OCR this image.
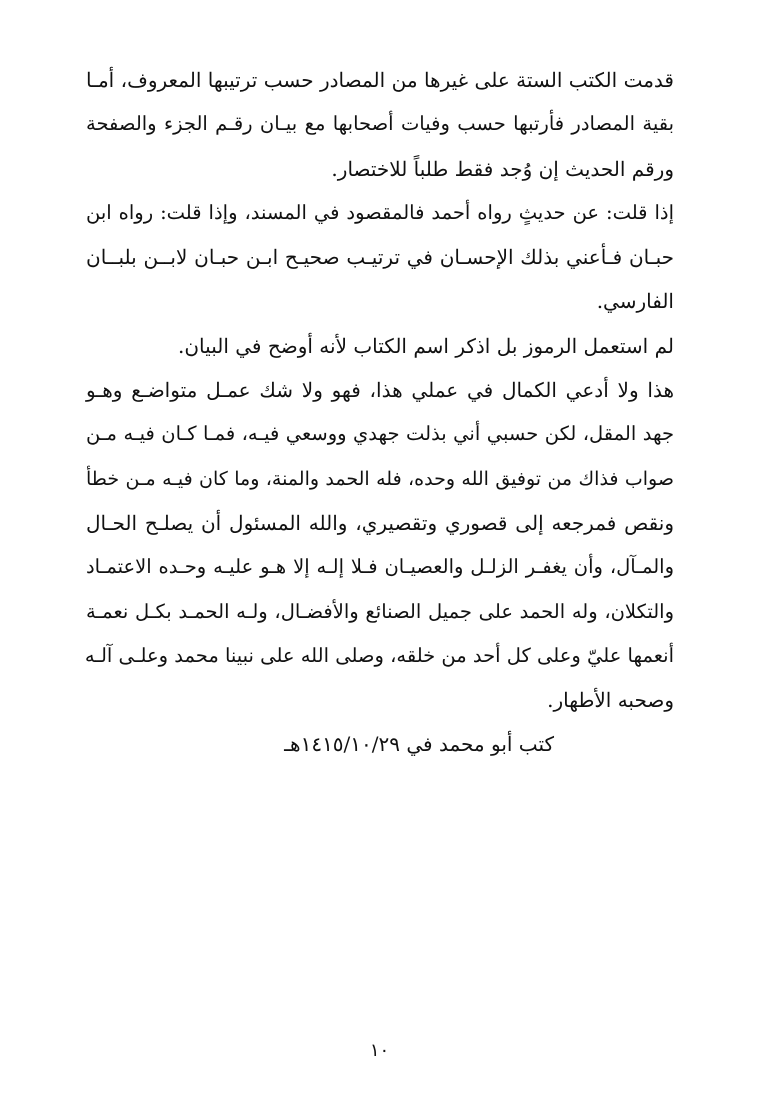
قدمت الكتب الستة على غيرها من المصادر حسب ترتيبها المعروف، أمـا
بقية المصادر فأرتبها حسب وفيات أصحابها مع بيـان رقـم الجزء والصفحة
ورقم الحديث إن وُجد فقط طلباً للاختصار.
إذا قلت: عن حديثٍ رواه أحمد فالمقصود في المسند، وإذا قلت: رواه ابن
حبـان فـأعني بذلك الإحسـان في ترتيـب صحيـح ابـن حبـان لابــن بلبــان
الفارسي.
لم استعمل الرموز بل اذكر اسم الكتاب لأنه أوضح في البيان.
هذا ولا أدعي الكمال في عملي هذا، فهو ولا شك عمـل متواضـع وهـو
جهد المقل، لكن حسبي أني بذلت جهدي ووسعي فيـه، فمـا كـان فيـه مـن
صواب فذاك من توفيق الله وحده، فله الحمد والمنة، وما كان فيـه مـن خطأ
ونقص فمرجعه إلى قصوري وتقصيري، والله المسئول أن يصلـح الحـال
والمـآل، وأن يغفـر الزلـل والعصيـان فـلا إلـه إلا هـو عليـه وحـده الاعتمـاد
والتكلان، وله الحمد على جميل الصنائع والأفضـال، ولـه الحمـد بكـل نعمـة
أنعمها عليّ وعلى كل أحد من خلقه، وصلى الله على نبينا محمد وعلـى آلـه
وصحبه الأطهار.
كتب أبو محمد في ١٤١٥/١٠/٢٩هـ
١٠
